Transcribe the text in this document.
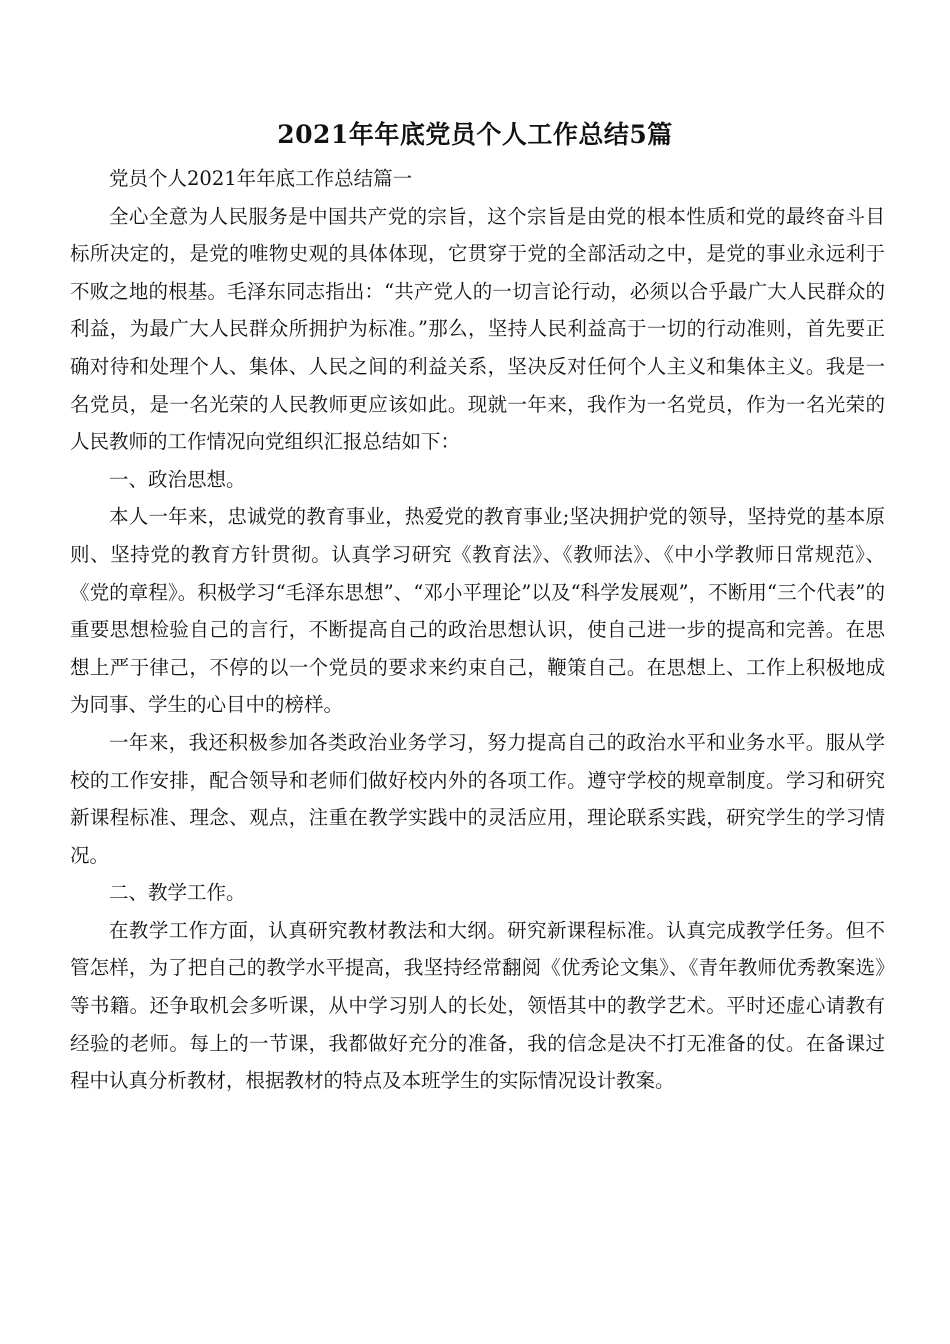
2021年年底党员个人工作总结5篇

党员个人2021年年底工作总结篇一

全心全意为人民服务是中国共产党的宗旨，这个宗旨是由党的根本性质和党的最终奋斗目标所决定的，是党的唯物史观的具体体现，它贯穿于党的全部活动之中，是党的事业永远利于不败之地的根基。毛泽东同志指出：“共产党人的一切言论行动，必须以合乎最广大人民群众的利益，为最广大人民群众所拥护为标准。”那么，坚持人民利益高于一切的行动准则，首先要正确对待和处理个人、集体、人民之间的利益关系，坚决反对任何个人主义和集体主义。我是一名党员，是一名光荣的人民教师更应该如此。现就一年来，我作为一名党员，作为一名光荣的人民教师的工作情况向党组织汇报总结如下：

一、政治思想。

本人一年来，忠诚党的教育事业，热爱党的教育事业;坚决拥护党的领导，坚持党的基本原则、坚持党的教育方针贯彻。认真学习研究《教育法》、《教师法》、《中小学教师日常规范》、《党的章程》。积极学习“毛泽东思想”、“邓小平理论”以及“科学发展观”，不断用“三个代表”的重要思想检验自己的言行，不断提高自己的政治思想认识，使自己进一步的提高和完善。在思想上严于律己，不停的以一个党员的要求来约束自己，鞭策自己。在思想上、工作上积极地成为同事、学生的心目中的榜样。

一年来，我还积极参加各类政治业务学习，努力提高自己的政治水平和业务水平。服从学校的工作安排，配合领导和老师们做好校内外的各项工作。遵守学校的规章制度。学习和研究新课程标准、理念、观点，注重在教学实践中的灵活应用，理论联系实践，研究学生的学习情况。

二、教学工作。

在教学工作方面，认真研究教材教法和大纲。研究新课程标准。认真完成教学任务。但不管怎样，为了把自己的教学水平提高，我坚持经常翻阅《优秀论文集》、《青年教师优秀教案选》等书籍。还争取机会多听课，从中学习别人的长处，领悟其中的教学艺术。平时还虚心请教有经验的老师。每上的一节课，我都做好充分的准备，我的信念是决不打无准备的仗。在备课过程中认真分析教材，根据教材的特点及本班学生的实际情况设计教案。
